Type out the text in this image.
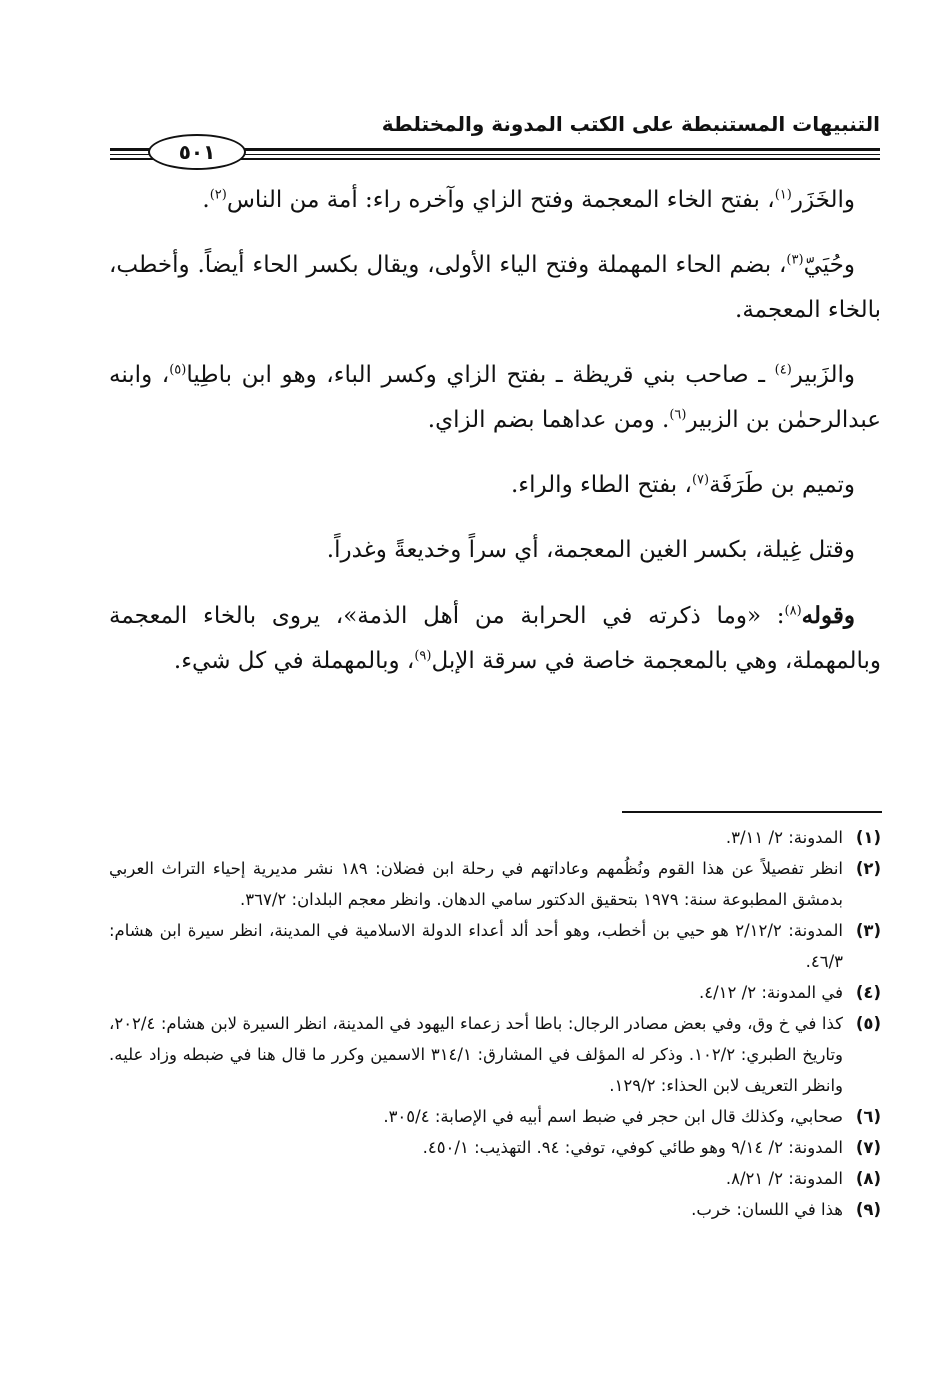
التنبيهات المستنبطة على الكتب المدونة والمختلطة
٥٠١

والخَزَر$^{(١)}$، بفتح الخاء المعجمة وفتح الزاي وآخره راء: أمة من الناس$^{(٢)}$.

وحُيَيّ$^{(٣)}$، بضم الحاء المهملة وفتح الياء الأولى، ويقال بكسر الحاء أيضاً. وأخطب، بالخاء المعجمة.

والزَبير$^{(٤)}$ ـ صاحب بني قريظة ـ بفتح الزاي وكسر الباء، وهو ابن باطِيا$^{(٥)}$، وابنه عبدالرحمٰن بن الزبير$^{(٦)}$. ومن عداهما بضم الزاي.

وتميم بن طَرَفَة$^{(٧)}$، بفتح الطاء والراء.

وقتل غِيلة، بكسر الغين المعجمة، أي سراً وخديعةً وغدراً.

وقوله$^{(٨)}$: «وما ذكرته في الحرابة من أهل الذمة»، يروى بالخاء المعجمة وبالمهملة، وهي بالمعجمة خاصة في سرقة الإبل$^{(٩)}$، وبالمهملة في كل شيء.

(١)
المدونة: ٢/ ٣/١١.
(٢)
انظر تفصيلاً عن هذا القوم ونُظُمهم وعاداتهم في رحلة ابن فضلان: ١٨٩ نشر مديرية إحياء التراث العربي بدمشق المطبوعة سنة: ١٩٧٩ بتحقيق الدكتور سامي الدهان. وانظر معجم البلدان: ٣٦٧/٢.
(٣)
المدونة: ٢/١٢/٢ هو حيي بن أخطب، وهو أحد ألد أعداء الدولة الاسلامية في المدينة، انظر سيرة ابن هشام: ٤٦/٣.
(٤)
في المدونة: ٢/ ٤/١٢.
(٥)
كذا في خ وق، وفي بعض مصادر الرجال: باطا أحد زعماء اليهود في المدينة، انظر السيرة لابن هشام: ٢٠٢/٤، وتاريخ الطبري: ١٠٢/٢. وذكر له المؤلف في المشارق: ٣١٤/١ الاسمين وكرر ما قال هنا في ضبطه وزاد عليه. وانظر التعريف لابن الحذاء: ١٢٩/٢.
(٦)
صحابي، وكذلك قال ابن حجر في ضبط اسم أبيه في الإصابة: ٣٠٥/٤.
(٧)
المدونة: ٢/ ٩/١٤ وهو طائي كوفي، توفي: ٩٤. التهذيب: ٤٥٠/١.
(٨)
المدونة: ٢/ ٨/٢١.
(٩)
هذا في اللسان: خرب.
